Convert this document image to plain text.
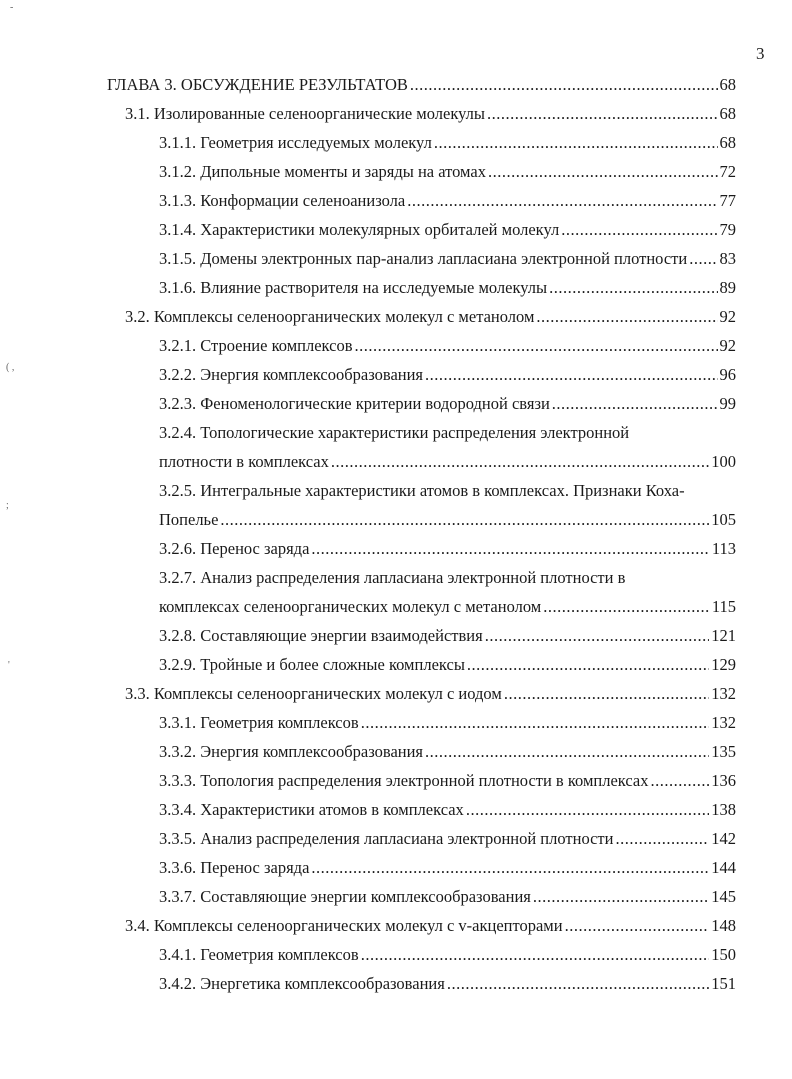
-
( ,
;
'
3
ГЛАВА 3. ОБСУЖДЕНИЕ РЕЗУЛЬТАТОВ .....	68
3.1. Изолированные селеноорганические молекулы .....	68
3.1.1. Геометрия исследуемых молекул .....	68
3.1.2. Дипольные моменты и заряды на атомах .....	72
3.1.3. Конформации селеноанизола .....	77
3.1.4. Характеристики молекулярных орбиталей молекул .....	79
3.1.5. Домены электронных пар-анализ лапласиана электронной плотности ..... 83
3.1.6. Влияние растворителя на исследуемые молекулы .....	89
3.2. Комплексы селеноорганических молекул с метанолом .....	92
3.2.1. Строение комплексов .....	92
3.2.2. Энергия комплексообразования .....	96
3.2.3. Феноменологические критерии водородной связи .....	99
3.2.4. Топологические характеристики распределения электронной
плотности в комплексах .....	100
3.2.5. Интегральные характеристики атомов в комплексах. Признаки Коха-
Попелье .....	105
3.2.6. Перенос заряда .....	113
3.2.7. Анализ распределения лапласиана электронной плотности в
комплексах селеноорганических молекул с метанолом .....	115
3.2.8. Составляющие энергии взаимодействия .....	121
3.2.9. Тройные и более сложные комплексы .....	129
3.3. Комплексы селеноорганических молекул с иодом .....	132
3.3.1. Геометрия комплексов .....	132
3.3.2. Энергия комплексообразования .....	135
3.3.3. Топология распределения электронной плотности в комплексах .....	136
3.3.4. Характеристики атомов в комплексах .....	138
3.3.5. Анализ распределения лапласиана электронной плотности .....	142
3.3.6. Перенос заряда .....	144
3.3.7. Составляющие энергии комплексообразования .....	145
3.4. Комплексы селеноорганических молекул с v-акцепторами .....	148
3.4.1. Геометрия комплексов .....	150
3.4.2. Энергетика комплексообразования .....	151
